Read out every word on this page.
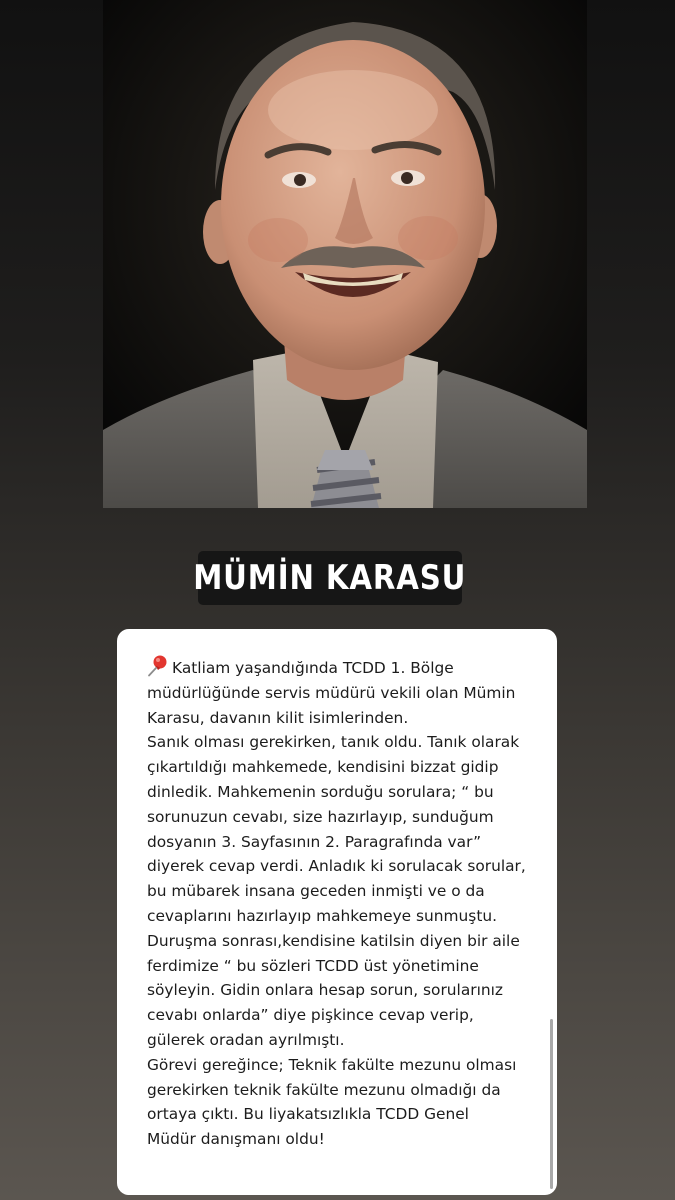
MÜMİN KARASU
Katliam yaşandığında TCDD 1. Bölge
müdürlüğünde servis müdürü vekili olan Mümin
Karasu, davanın kilit isimlerinden.
Sanık olması gerekirken, tanık oldu. Tanık olarak
çıkartıldığı mahkemede, kendisini bizzat gidip
dinledik. Mahkemenin sorduğu sorulara; “ bu
sorunuzun cevabı, size hazırlayıp, sunduğum
dosyanın 3. Sayfasının 2. Paragrafında var”
diyerek cevap verdi. Anladık ki sorulacak sorular,
bu mübarek insana geceden inmişti ve o da
cevaplarını hazırlayıp mahkemeye sunmuştu.
Duruşma sonrası,kendisine katilsin diyen bir aile
ferdimize “ bu sözleri TCDD üst yönetimine
söyleyin. Gidin onlara hesap sorun, sorularınız
cevabı onlarda” diye pişkince cevap verip,
gülerek oradan ayrılmıştı.
Görevi gereğince; Teknik fakülte mezunu olması
gerekirken teknik fakülte mezunu olmadığı da
ortaya çıktı. Bu liyakatsızlıkla TCDD Genel
Müdür danışmanı oldu!
